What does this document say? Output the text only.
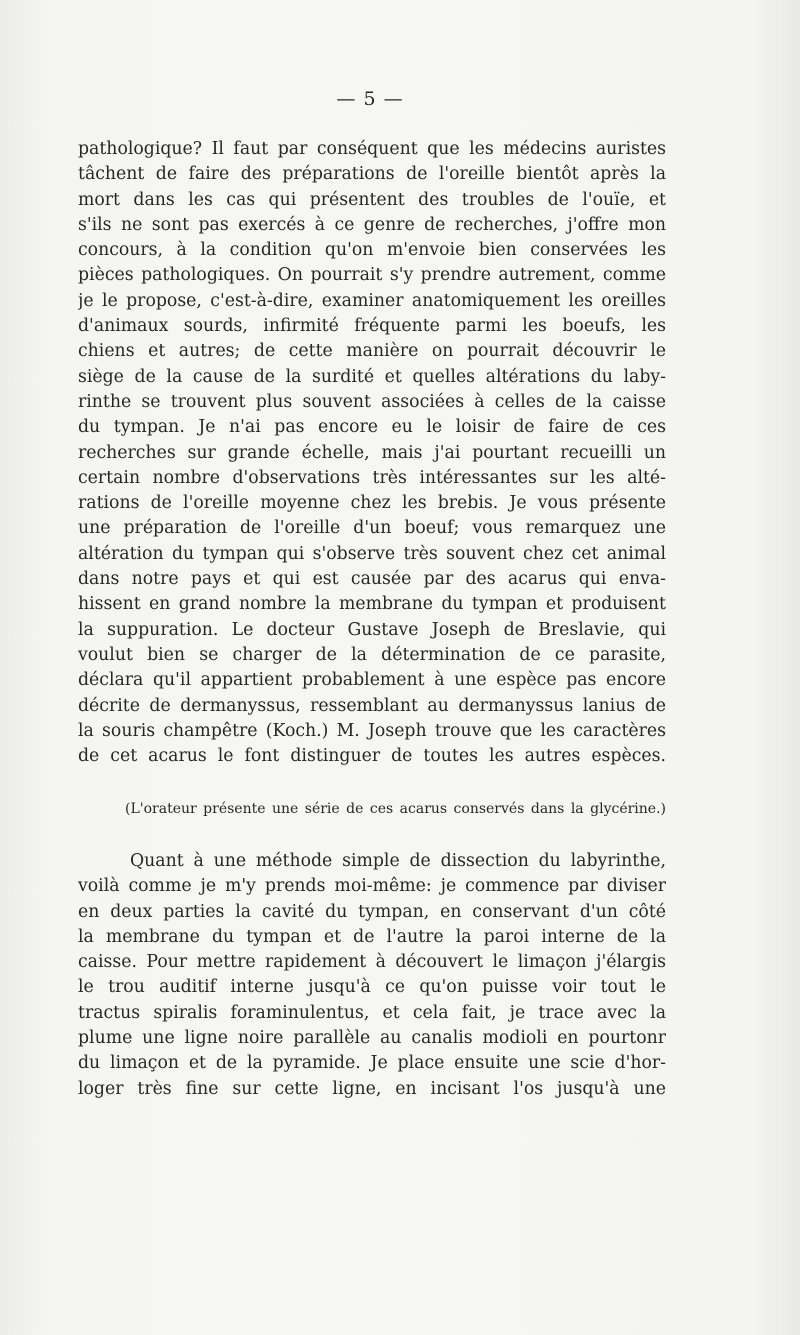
— 5 —
pathologique? Il faut par conséquent que les médecins auristes
tâchent de faire des préparations de l'oreille bientôt après la
mort dans les cas qui présentent des troubles de l'ouïe, et
s'ils ne sont pas exercés à ce genre de recherches, j'offre mon
concours, à la condition qu'on m'envoie bien conservées les
pièces pathologiques. On pourrait s'y prendre autrement, comme
je le propose, c'est-à-dire, examiner anatomiquement les oreilles
d'animaux sourds, infirmité fréquente parmi les boeufs, les
chiens et autres; de cette manière on pourrait découvrir le
siège de la cause de la surdité et quelles altérations du laby-
rinthe se trouvent plus souvent associées à celles de la caisse
du tympan. Je n'ai pas encore eu le loisir de faire de ces
recherches sur grande échelle, mais j'ai pourtant recueilli un
certain nombre d'observations très intéressantes sur les alté-
rations de l'oreille moyenne chez les brebis. Je vous présente
une préparation de l'oreille d'un boeuf; vous remarquez une
altération du tympan qui s'observe très souvent chez cet animal
dans notre pays et qui est causée par des acarus qui enva-
hissent en grand nombre la membrane du tympan et produisent
la suppuration. Le docteur Gustave Joseph de Breslavie, qui
voulut bien se charger de la détermination de ce parasite,
déclara qu'il appartient probablement à une espèce pas encore
décrite de dermanyssus, ressemblant au dermanyssus lanius de
la souris champêtre (Koch.) M. Joseph trouve que les caractères
de cet acarus le font distinguer de toutes les autres espèces.
(L'orateur présente une série de ces acarus conservés dans la glycérine.)
Quant à une méthode simple de dissection du labyrinthe,
voilà comme je m'y prends moi-même: je commence par diviser
en deux parties la cavité du tympan, en conservant d'un côté
la membrane du tympan et de l'autre la paroi interne de la
caisse. Pour mettre rapidement à découvert le limaçon j'élargis
le trou auditif interne jusqu'à ce qu'on puisse voir tout le
tractus spiralis foraminulentus, et cela fait, je trace avec la
plume une ligne noire parallèle au canalis modioli en pourtonr
du limaçon et de la pyramide. Je place ensuite une scie d'hor-
loger très fine sur cette ligne, en incisant l'os jusqu'à une
